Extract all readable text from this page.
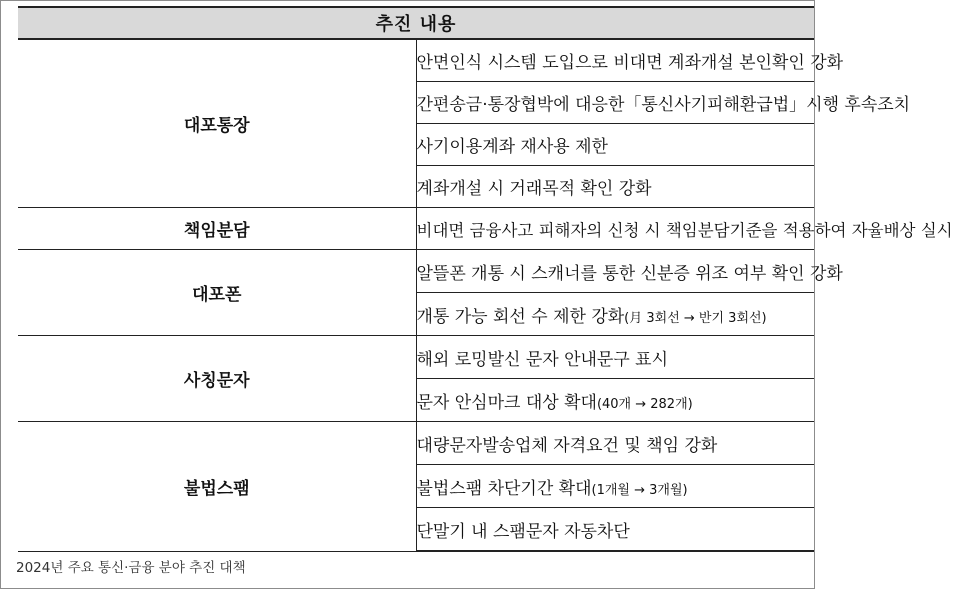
추진 내용	
대포통장	안면인식 시스템 도입으로 비대면 계좌개설 본인확인 강화
	간편송금·통장협박에 대응한「통신사기피해환급법」시행 후속조치
	사기이용계좌 재사용 제한
	계좌개설 시 거래목적 확인 강화
책임분담	비대면 금융사고 피해자의 신청 시 책임분담기준을 적용하여 자율배상 실시
대포폰	알뜰폰 개통 시 스캐너를 통한 신분증 위조 여부 확인 강화
	개통 가능 회선 수 제한 강화(月 3회선 → 반기 3회선)
사칭문자	해외 로밍발신 문자 안내문구 표시
	문자 안심마크 대상 확대(40개 → 282개)
불법스팸	대량문자발송업체 자격요건 및 책임 강화
	불법스팸 차단기간 확대(1개월 → 3개월)
	단말기 내 스팸문자 자동차단
2024년 주요 통신·금융 분야 추진 대책
